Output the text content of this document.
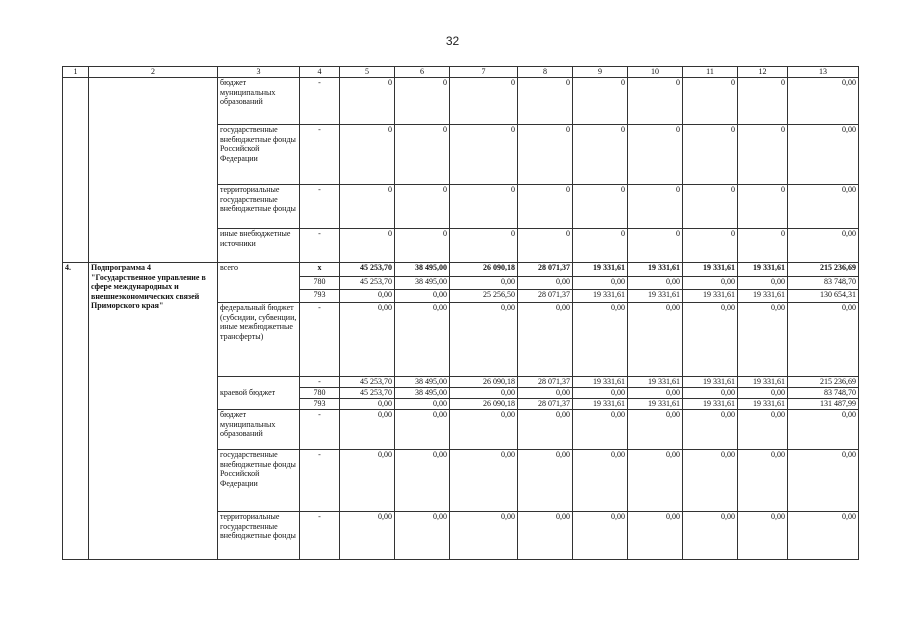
32
1	2	3	4	5	6	7	8	9	10	11	12	13
		бюджет муниципальных образований	-	0	0	0	0	0	0	0	0	0,00
		государственные внебюджетные фонды Российской Федерации	-	0	0	0	0	0	0	0	0	0,00
		территориальные государственные внебюджетные фонды	-	0	0	0	0	0	0	0	0	0,00
		иные внебюджетные источники	-	0	0	0	0	0	0	0	0	0,00
4.	Подпрограмма 4 "Государственное управление в сфере международных и внешнеэкономических связей Приморского края"	всего	х	45 253,70	38 495,00	26 090,18	28 071,37	19 331,61	19 331,61	19 331,61	19 331,61	215 236,69
			780	45 253,70	38 495,00	0,00	0,00	0,00	0,00	0,00	0,00	83 748,70
			793	0,00	0,00	25 256,50	28 071,37	19 331,61	19 331,61	19 331,61	19 331,61	130 654,31
		федеральный бюджет (субсидии, субвенции, иные межбюджетные трансферты)	-	0,00	0,00	0,00	0,00	0,00	0,00	0,00	0,00	0,00
		краевой бюджет	-	45 253,70	38 495,00	26 090,18	28 071,37	19 331,61	19 331,61	19 331,61	19 331,61	215 236,69
			780	45 253,70	38 495,00	0,00	0,00	0,00	0,00	0,00	0,00	83 748,70
			793	0,00	0,00	26 090,18	28 071,37	19 331,61	19 331,61	19 331,61	19 331,61	131 487,99
		бюджет муниципальных образований	-	0,00	0,00	0,00	0,00	0,00	0,00	0,00	0,00	0,00
		государственные внебюджетные фонды Российской Федерации	-	0,00	0,00	0,00	0,00	0,00	0,00	0,00	0,00	0,00
		территориальные государственные внебюджетные фонды	-	0,00	0,00	0,00	0,00	0,00	0,00	0,00	0,00	0,00
